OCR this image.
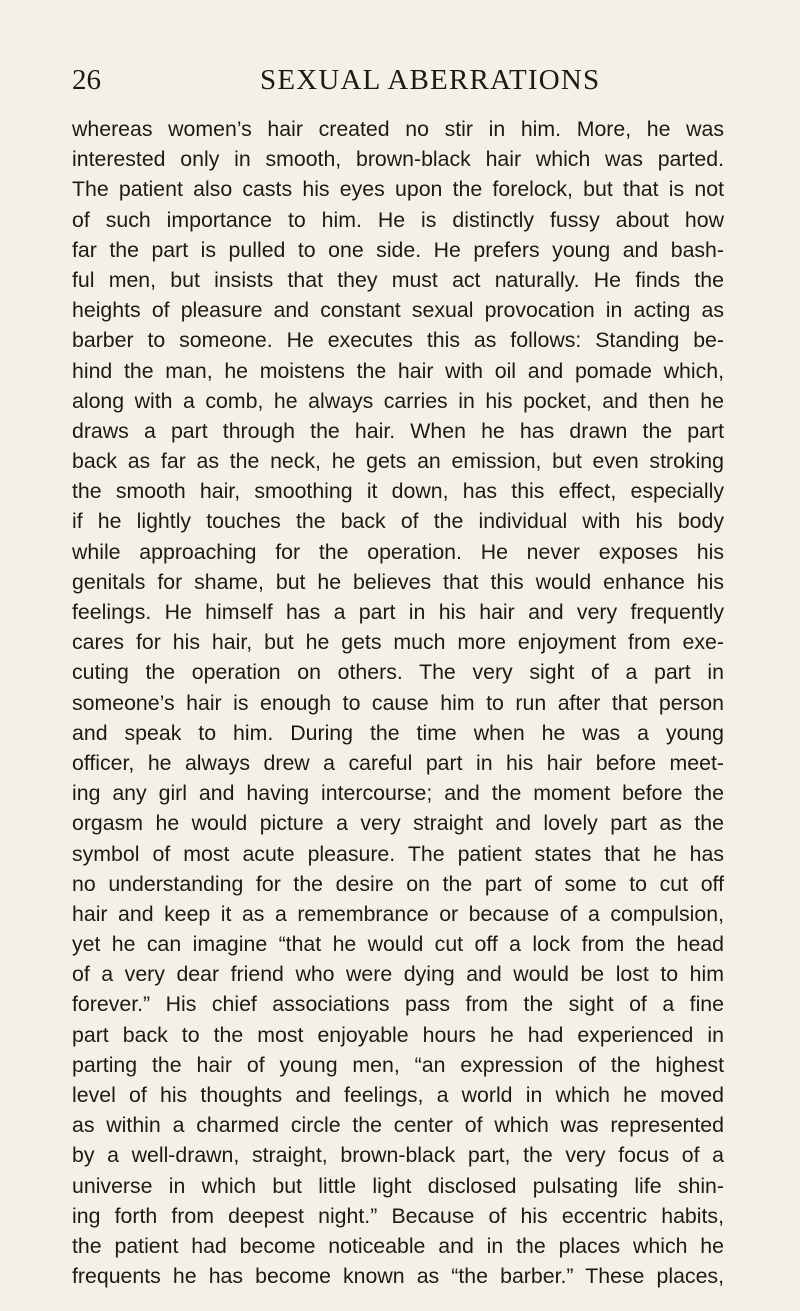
26	SEXUAL ABERRATIONS
whereas women’s hair created no stir in him. More, he was
interested only in smooth, brown-black hair which was parted.
The patient also casts his eyes upon the forelock, but that is not
of such importance to him. He is distinctly fussy about how
far the part is pulled to one side. He prefers young and bash-
ful men, but insists that they must act naturally. He finds the
heights of pleasure and constant sexual provocation in acting as
barber to someone. He executes this as follows: Standing be-
hind the man, he moistens the hair with oil and pomade which,
along with a comb, he always carries in his pocket, and then he
draws a part through the hair. When he has drawn the part
back as far as the neck, he gets an emission, but even stroking
the smooth hair, smoothing it down, has this effect, especially
if he lightly touches the back of the individual with his body
while approaching for the operation. He never exposes his
genitals for shame, but he believes that this would enhance his
feelings. He himself has a part in his hair and very frequently
cares for his hair, but he gets much more enjoyment from exe-
cuting the operation on others. The very sight of a part in
someone’s hair is enough to cause him to run after that person
and speak to him. During the time when he was a young
officer, he always drew a careful part in his hair before meet-
ing any girl and having intercourse; and the moment before the
orgasm he would picture a very straight and lovely part as the
symbol of most acute pleasure. The patient states that he has
no understanding for the desire on the part of some to cut off
hair and keep it as a remembrance or because of a compulsion,
yet he can imagine “that he would cut off a lock from the head
of a very dear friend who were dying and would be lost to him
forever.” His chief associations pass from the sight of a fine
part back to the most enjoyable hours he had experienced in
parting the hair of young men, “an expression of the highest
level of his thoughts and feelings, a world in which he moved
as within a charmed circle the center of which was represented
by a well-drawn, straight, brown-black part, the very focus of a
universe in which but little light disclosed pulsating life shin-
ing forth from deepest night.” Because of his eccentric habits,
the patient had become noticeable and in the places which he
frequents he has become known as “the barber.” These places,
